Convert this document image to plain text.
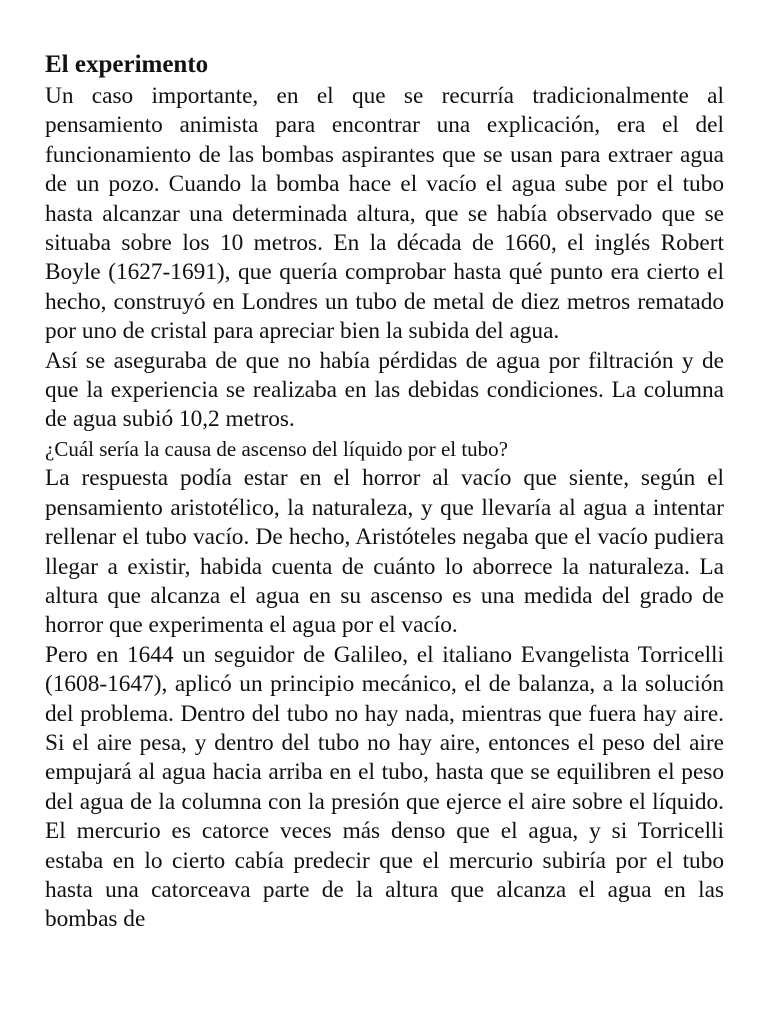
El experimento

Un caso importante, en el que se recurría tradicionalmente al pensamiento animista para encontrar una explicación, era el del funcionamiento de las bombas aspirantes que se usan para extraer agua de un pozo. Cuando la bomba hace el vacío el agua sube por el tubo hasta alcanzar una determinada altura, que se había observado que se situaba sobre los 10 metros. En la década de 1660, el inglés Robert Boyle (1627-1691), que quería comprobar hasta qué punto era cierto el hecho, construyó en Londres un tubo de metal de diez metros rematado por uno de cristal para apreciar bien la subida del agua.

Así se aseguraba de que no había pérdidas de agua por filtración y de que la experiencia se realizaba en las debidas condiciones. La columna de agua subió 10,2 metros.

¿Cuál sería la causa de ascenso del líquido por el tubo?

La respuesta podía estar en el horror al vacío que siente, según el pensamiento aristotélico, la naturaleza, y que llevaría al agua a intentar rellenar el tubo vacío. De hecho, Aristóteles negaba que el vacío pudiera llegar a existir, habida cuenta de cuánto lo aborrece la naturaleza. La altura que alcanza el agua en su ascenso es una medida del grado de horror que experimenta el agua por el vacío.

Pero en 1644 un seguidor de Galileo, el italiano Evangelista Torricelli (1608-1647), aplicó un principio mecánico, el de balanza, a la solución del problema. Dentro del tubo no hay nada, mientras que fuera hay aire. Si el aire pesa, y dentro del tubo no hay aire, entonces el peso del aire empujará al agua hacia arriba en el tubo, hasta que se equilibren el peso del agua de la columna con la presión que ejerce el aire sobre el líquido. El mercurio es catorce veces más denso que el agua, y si Torricelli estaba en lo cierto cabía predecir que el mercurio subiría por el tubo hasta una catorceava parte de la altura que alcanza el agua en las bombas de
